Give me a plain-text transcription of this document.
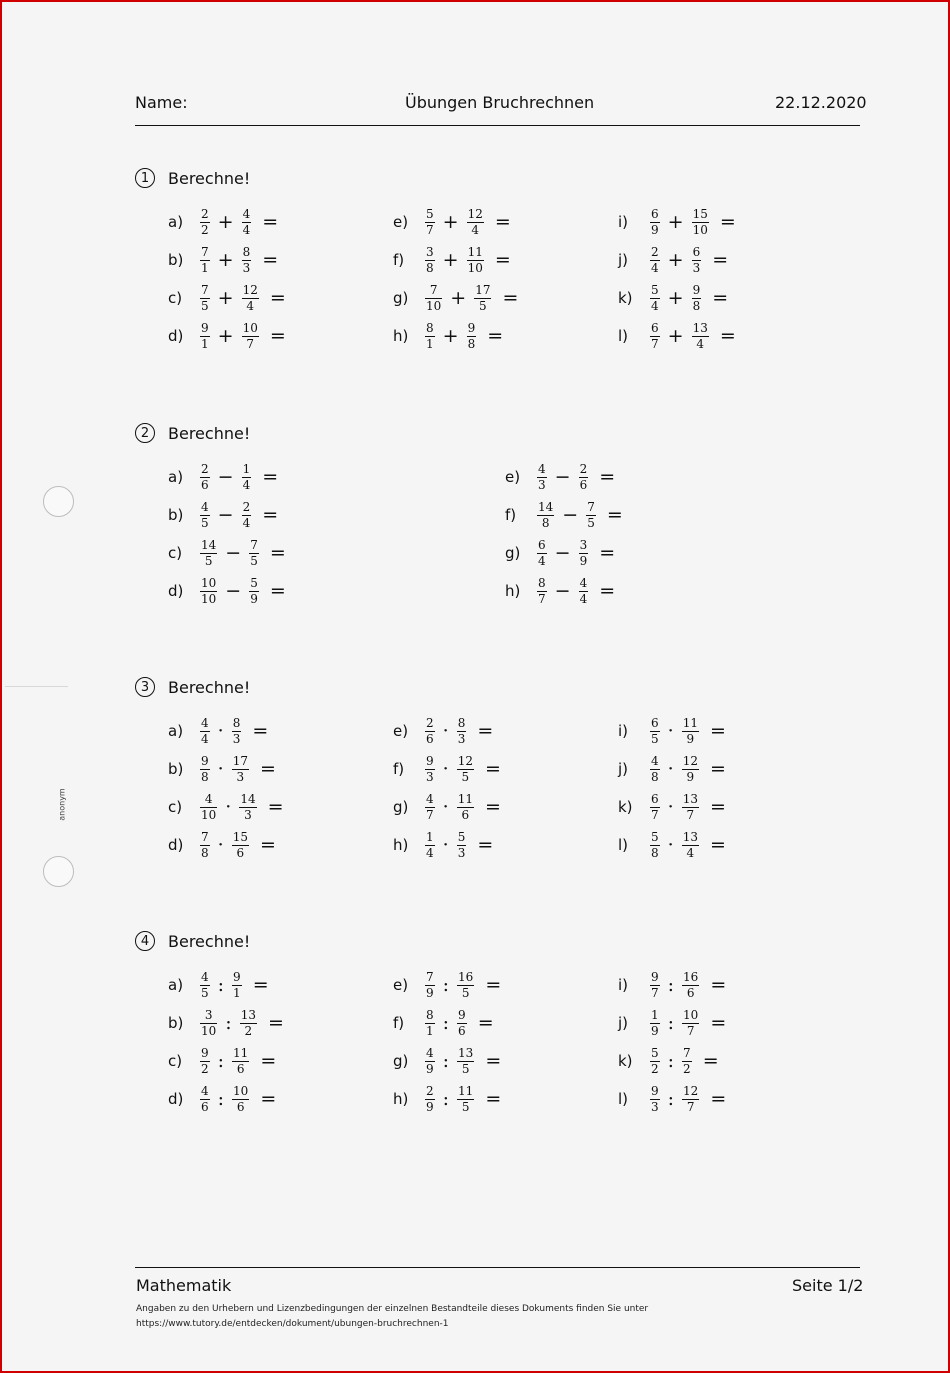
Name:	Übungen Bruchrechnen	22.12.2020
anonym
1	Berechne!
a)	$\frac{2}{2} + \frac{4}{4}$ =
b)	$\frac{7}{1} + \frac{8}{3}$ =
c)	$\frac{7}{5} + \frac{12}{4}$ =
d)	$\frac{9}{1} + \frac{10}{7}$ =
e)	$\frac{5}{7} + \frac{12}{4}$ =
f)	$\frac{3}{8} + \frac{11}{10}$ =
g)	$\frac{7}{10} + \frac{17}{5}$ =
h)	$\frac{8}{1} + \frac{9}{8}$ =
i)	$\frac{6}{9} + \frac{15}{10}$ =
j)	$\frac{2}{4} + \frac{6}{3}$ =
k)	$\frac{5}{4} + \frac{9}{8}$ =
l)	$\frac{6}{7} + \frac{13}{4}$ =
2	Berechne!
a)	$\frac{2}{6} - \frac{1}{4}$ =
b)	$\frac{4}{5} - \frac{2}{4}$ =
c)	$\frac{14}{5} - \frac{7}{5}$ =
d)	$\frac{10}{10} - \frac{5}{9}$ =
e)	$\frac{4}{3} - \frac{2}{6}$ =
f)	$\frac{14}{8} - \frac{7}{5}$ =
g)	$\frac{6}{4} - \frac{3}{9}$ =
h)	$\frac{8}{7} - \frac{4}{4}$ =
3	Berechne!
a)	$\frac{4}{4} \cdot \frac{8}{3}$ =
b)	$\frac{9}{8} \cdot \frac{17}{3}$ =
c)	$\frac{4}{10} \cdot \frac{14}{3}$ =
d)	$\frac{7}{8} \cdot \frac{15}{6}$ =
e)	$\frac{2}{6} \cdot \frac{8}{3}$ =
f)	$\frac{9}{3} \cdot \frac{12}{5}$ =
g)	$\frac{4}{7} \cdot \frac{11}{6}$ =
h)	$\frac{1}{4} \cdot \frac{5}{3}$ =
i)	$\frac{6}{5} \cdot \frac{11}{9}$ =
j)	$\frac{4}{8} \cdot \frac{12}{9}$ =
k)	$\frac{6}{7} \cdot \frac{13}{7}$ =
l)	$\frac{5}{8} \cdot \frac{13}{4}$ =
4	Berechne!
a)	$\frac{4}{5}$ : $\frac{9}{1}$ =
b)	$\frac{3}{10}$ : $\frac{13}{2}$ =
c)	$\frac{9}{2}$ : $\frac{11}{6}$ =
d)	$\frac{4}{6}$ : $\frac{10}{6}$ =
e)	$\frac{7}{9}$ : $\frac{16}{5}$ =
f)	$\frac{8}{1}$ : $\frac{9}{6}$ =
g)	$\frac{4}{9}$ : $\frac{13}{5}$ =
h)	$\frac{2}{9}$ : $\frac{11}{5}$ =
i)	$\frac{9}{7}$ : $\frac{16}{6}$ =
j)	$\frac{1}{9}$ : $\frac{10}{7}$ =
k)	$\frac{5}{2}$ : $\frac{7}{2}$ =
l)	$\frac{9}{3}$ : $\frac{12}{7}$ =
Mathematik	Seite 1/2
Angaben zu den Urhebern und Lizenzbedingungen der einzelnen Bestandteile dieses Dokuments finden Sie unter
https://www.tutory.de/entdecken/dokument/ubungen-bruchrechnen-1
